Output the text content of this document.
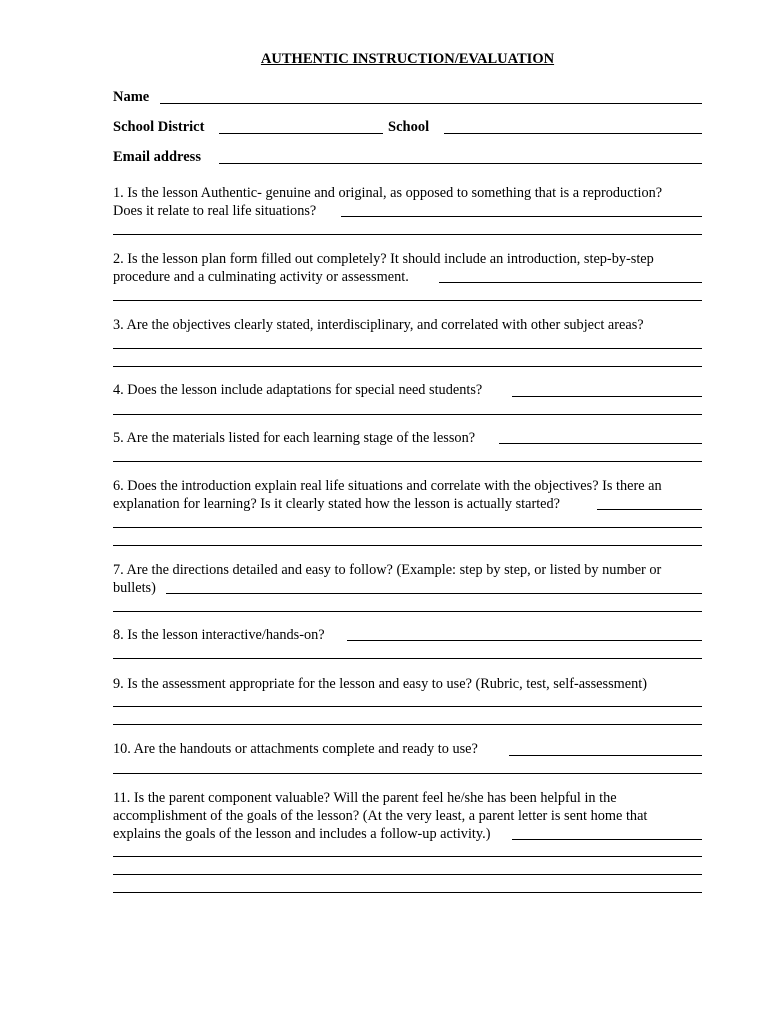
AUTHENTIC INSTRUCTION/EVALUATION
Name
School District	School
Email address
1. Is the lesson Authentic- genuine and original, as opposed to something that is a reproduction?
Does it relate to real life situations?
2. Is the lesson plan form filled out completely? It should include an introduction, step-by-step
procedure and a culminating activity or assessment.
3. Are the objectives clearly stated, interdisciplinary, and correlated with other subject areas?
4. Does the lesson include adaptations for special need students?
5. Are the materials listed for each learning stage of the lesson?
6. Does the introduction explain real life situations and correlate with the objectives? Is there an
explanation for learning? Is it clearly stated how the lesson is actually started?
7. Are the directions detailed and easy to follow? (Example: step by step, or listed by number or
bullets)
8. Is the lesson interactive/hands-on?
9. Is the assessment appropriate for the lesson and easy to use? (Rubric, test, self-assessment)
10. Are the handouts or attachments complete and ready to use?
11. Is the parent component valuable? Will the parent feel he/she has been helpful in the
accomplishment of the goals of the lesson? (At the very least, a parent letter is sent home that
explains the goals of the lesson and includes a follow-up activity.)
